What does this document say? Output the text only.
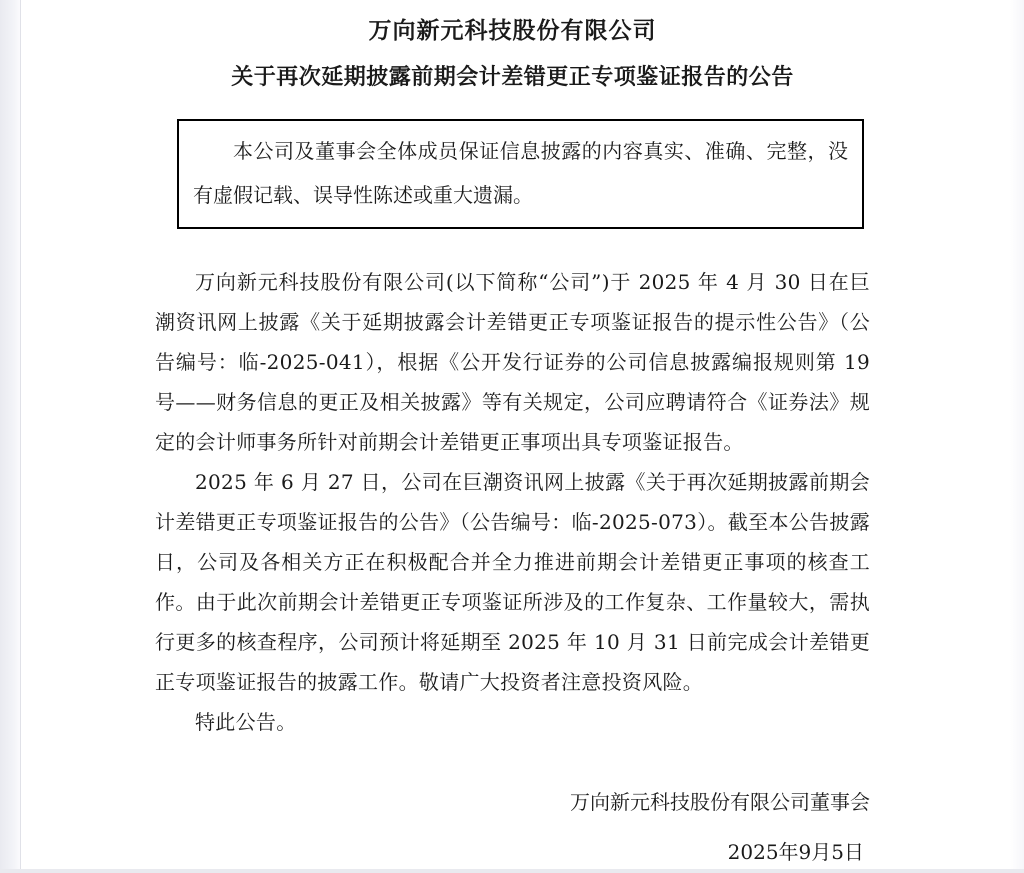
万向新元科技股份有限公司
关于再次延期披露前期会计差错更正专项鉴证报告的公告

本公司及董事会全体成员保证信息披露的内容真实、准确、完整，没有虚假记载、误导性陈述或重大遗漏。

万向新元科技股份有限公司(以下简称“公司”)于 2025 年 4 月 30 日在巨潮资讯网上披露《关于延期披露会计差错更正专项鉴证报告的提示性公告》（公告编号：临-2025-041），根据《公开发行证券的公司信息披露编报规则第 19 号——财务信息的更正及相关披露》等有关规定，公司应聘请符合《证券法》规定的会计师事务所针对前期会计差错更正事项出具专项鉴证报告。

2025 年 6 月 27 日，公司在巨潮资讯网上披露《关于再次延期披露前期会计差错更正专项鉴证报告的公告》（公告编号：临-2025-073）。截至本公告披露日，公司及各相关方正在积极配合并全力推进前期会计差错更正事项的核查工作。由于此次前期会计差错更正专项鉴证所涉及的工作复杂、工作量较大，需执行更多的核查程序，公司预计将延期至 2025 年 10 月 31 日前完成会计差错更正专项鉴证报告的披露工作。敬请广大投资者注意投资风险。

特此公告。

万向新元科技股份有限公司董事会

2025年9月5日
